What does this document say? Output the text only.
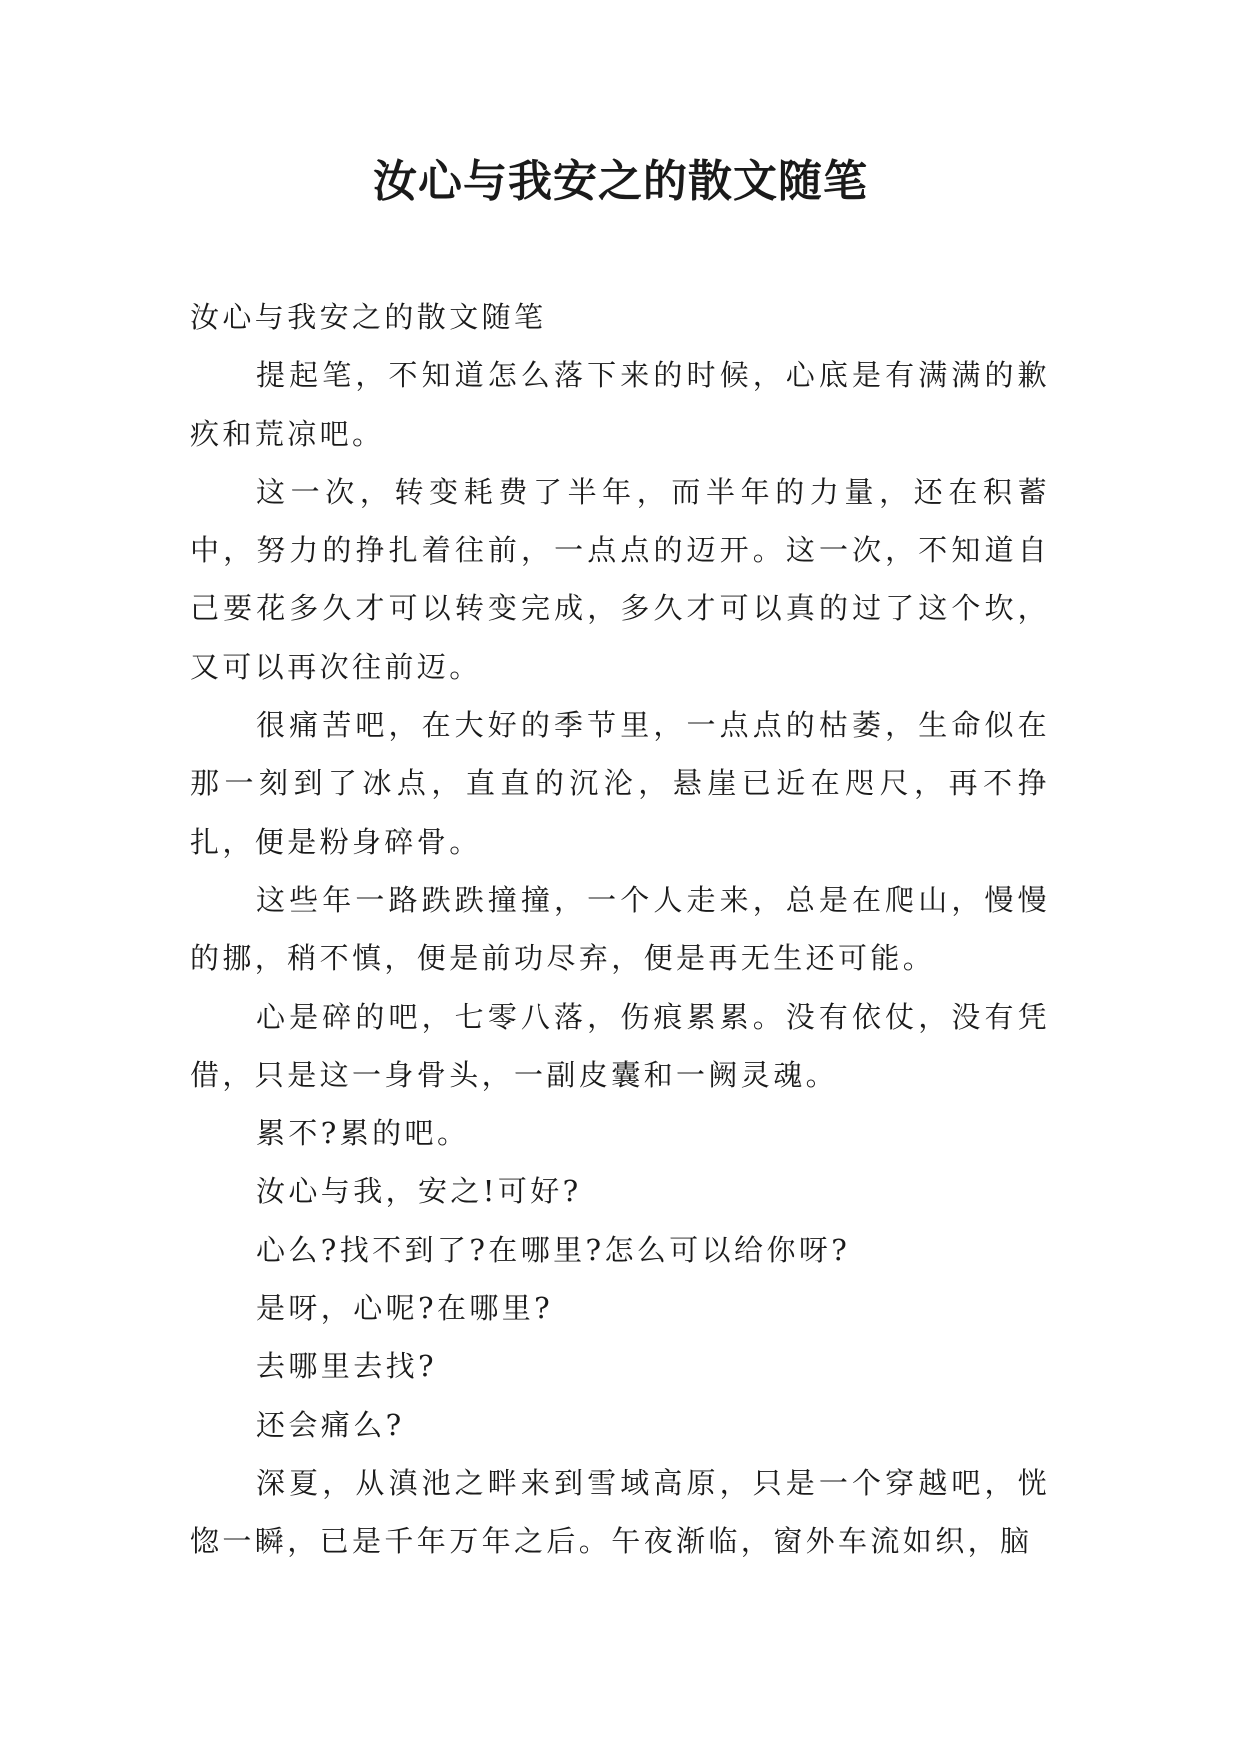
汝心与我安之的散文随笔

汝心与我安之的散文随笔

提起笔，不知道怎么落下来的时候，心底是有满满的歉疚和荒凉吧。

这一次，转变耗费了半年，而半年的力量，还在积蓄中，努力的挣扎着往前，一点点的迈开。这一次，不知道自己要花多久才可以转变完成，多久才可以真的过了这个坎，又可以再次往前迈。

很痛苦吧，在大好的季节里，一点点的枯萎，生命似在那一刻到了冰点，直直的沉沦，悬崖已近在咫尺，再不挣扎，便是粉身碎骨。

这些年一路跌跌撞撞，一个人走来，总是在爬山，慢慢的挪，稍不慎，便是前功尽弃，便是再无生还可能。

心是碎的吧，七零八落，伤痕累累。没有依仗，没有凭借，只是这一身骨头，一副皮囊和一阙灵魂。

累不?累的吧。

汝心与我，安之!可好?

心么?找不到了?在哪里?怎么可以给你呀?

是呀，心呢?在哪里?

去哪里去找?

还会痛么?

深夏，从滇池之畔来到雪域高原，只是一个穿越吧，恍惚一瞬，已是千年万年之后。午夜渐临，窗外车流如织，脑
